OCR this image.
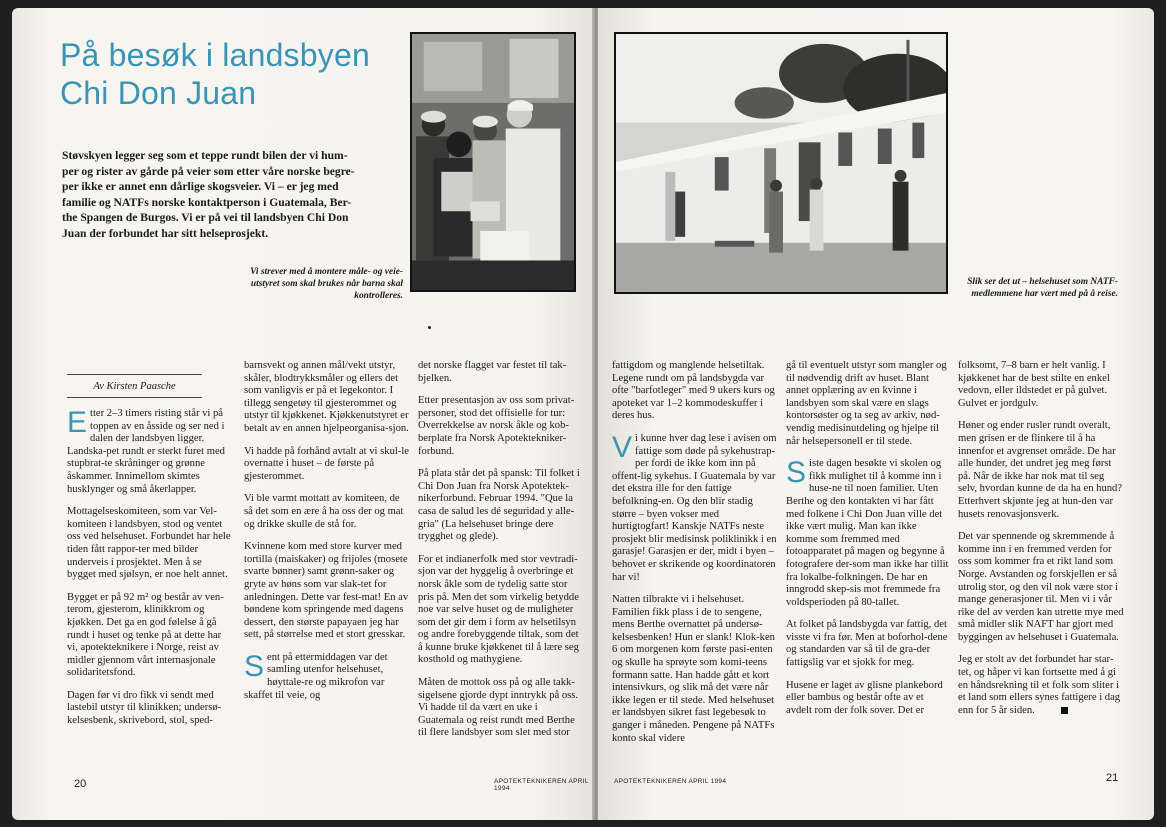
På besøk i landsbyen
Chi Don Juan

Støvskyen legger seg som et teppe rundt bilen der vi hum-per og rister av gårde på veier som etter våre norske begre-per ikke er annet enn dårlige skogsveier. Vi – er jeg med familie og NATFs norske kontaktperson i Guatemala, Ber-the Spangen de Burgos. Vi er på vei til landsbyen Chi Don Juan der forbundet har sitt helseprosjekt.

Vi strever med å montere måle- og veie-utstyret som skal brukes når barna skal kontrolleres.

Av Kirsten Paasche

Etter 2–3 timers risting står vi på toppen av en åsside og ser ned i dalen der landsbyen ligger. Landska-pet rundt er sterkt furet med stupbrat-te skråninger og grønne åskammer. Innimellom skimtes husklynger og små åkerlapper.

Mottagelseskomiteen, som var Vel-komiteen i landsbyen, stod og ventet oss ved helsehuset. Forbundet har hele tiden fått rappor-ter med bilder underveis i prosjektet. Men å se bygget med sjølsyn, er noe helt annet.

Bygget er på 92 m² og består av ven-terom, gjesterom, klinikkrom og kjøkken. Det ga en god følelse å gå rundt i huset og tenke på at dette har vi, apotekteknikere i Norge, reist av midler gjennom vårt internasjonale solidaritetsfond.

Dagen før vi dro fikk vi sendt med lastebil utstyr til klinikken; undersø-kelsesbenk, skrivebord, stol, sped-

barnsvekt og annen mål/vekt utstyr, skåler, blodtrykksmåler og ellers det som vanligvis er på et legekontor. I tillegg sengetøy til gjesterommet og utstyr til kjøkkenet. Kjøkkenutstyret er betalt av en annen hjelpeorganisa-sjon.

Vi hadde på forhånd avtalt at vi skul-le overnatte i huset – de første på gjesterommet.

Vi ble varmt mottatt av komiteen, de så det som en ære å ha oss der og mat og drikke skulle de stå for.

Kvinnene kom med store kurver med tortilla (maiskaker) og frijoles (mosete svarte bønner) samt grønn-saker og gryte av høns som var slak-tet for anledningen. Dette var fest-mat! En av bøndene kom springende med dagens dessert, den største papayaen jeg har sett, på størrelse med et stort gresskar.

Sent på ettermiddagen var det samling utenfor helsehuset, høyttale-re og mikrofon var skaffet til veie, og

det norske flagget var festet til tak-bjelken.

Etter presentasjon av oss som privat-personer, stod det offisielle for tur: Overrekkelse av norsk åkle og kob-berplate fra Norsk Apotektekniker-forbund.

På plata står det på spansk: Til folket i Chi Don Juan fra Norsk Apotektek-nikerforbund. Februar 1994. "Que la casa de salud les dé seguridad y alle-gria" (La helsehuset bringe dere trygghet og glede).

For et indianerfolk med stor vevtradi-sjon var det hyggelig å overbringe et norsk åkle som de tydelig satte stor pris på. Men det som virkelig betydde noe var selve huset og de muligheter som det gir dem i form av helsetilsyn og andre forebyggende tiltak, som det å kunne bruke kjøkkenet til å lære seg kosthold og mathygiene.

Måten de mottok oss på og alle takk-sigelsene gjorde dypt inntrykk på oss. Vi hadde til da vært en uke i Guatemala og reist rundt med Berthe til flere landsbyer som slet med stor

20	APOTEKTEKNIKEREN APRIL 1994

Slik ser det ut – helsehuset som NATF-medlemmene har vært med på å reise.

fattigdom og manglende helsetiltak. Legene rundt om på landsbygda var ofte "barfotleger" med 9 ukers kurs og apoteket var 1–2 kommodeskuffer i deres hus.

Vi kunne hver dag lese i avisen om fattige som døde på sykehustrap-per fordi de ikke kom inn på offent-lig sykehus. I Guatemala by var det ekstra ille for den fattige befolkning-en. Og den blir stadig større – byen vokser med hurtigtogfart! Kanskje NATFs neste prosjekt blir medisinsk poliklinikk i en garasje! Garasjen er der, midt i byen – behovet er skrikende og koordinatoren har vi!

Natten tilbrakte vi i helsehuset. Familien fikk plass i de to sengene, mens Berthe overnattet på undersø-kelsesbenken! Hun er slank! Klok-ken 6 om morgenen kom første pasi-enten og skulle ha sprøyte som komi-teens formann satte. Han hadde gått et kort intensivkurs, og slik må det være når ikke legen er til stede. Med helsehuset er landsbyen sikret fast legebesøk to ganger i måneden. Pengene på NATFs konto skal videre

gå til eventuelt utstyr som mangler og til nødvendig drift av huset. Blant annet opplæring av en kvinne i landsbyen som skal være en slags kontorsøster og ta seg av arkiv, nød-vendig medisinutdeling og hjelpe til når helsepersonell er til stede.

Siste dagen besøkte vi skolen og fikk mulighet til å komme inn i huse-ne til noen familier. Uten Berthe og den kontakten vi har fått med folkene i Chi Don Juan ville det ikke vært mulig. Man kan ikke komme som fremmed med fotoapparatet på magen og begynne å fotografere der-som man ikke har tillit fra lokalbe-folkningen. De har en inngrodd skep-sis mot fremmede fra voldsperioden på 80-tallet.

At folket på landsbygda var fattig, det visste vi fra før. Men at boforhol-dene og standarden var så til de gra-der fattigslig var et sjokk for meg.

Husene er laget av glisne plankebord eller bambus og består ofte av et avdelt rom der folk sover. Det er

folksomt, 7–8 barn er helt vanlig. I kjøkkenet har de best stilte en enkel vedovn, eller ildstedet er på gulvet. Gulvet er jordgulv.

Høner og ender rusler rundt overalt, men grisen er de flinkere til å ha innenfor et avgrenset område. De har alle hunder, det undret jeg meg først på. Når de ikke har nok mat til seg selv, hvordan kunne de da ha en hund? Etterhvert skjønte jeg at hun-den var husets renovasjonsverk.

Det var spennende og skremmende å komme inn i en fremmed verden for oss som kommer fra et rikt land som Norge. Avstanden og forskjellen er så utrolig stor, og den vil nok være stor i mange generasjoner til. Men vi i vår rike del av verden kan utrette mye med små midler slik NAFT har gjort med byggingen av helsehuset i Guatemala.

Jeg er stolt av det forbundet har star-tet, og håper vi kan fortsette med å gi en håndsrekning til et folk som sliter i et land som ellers synes fattigere i dag enn for 5 år siden.

APOTEKTEKNIKEREN APRIL 1994	21
